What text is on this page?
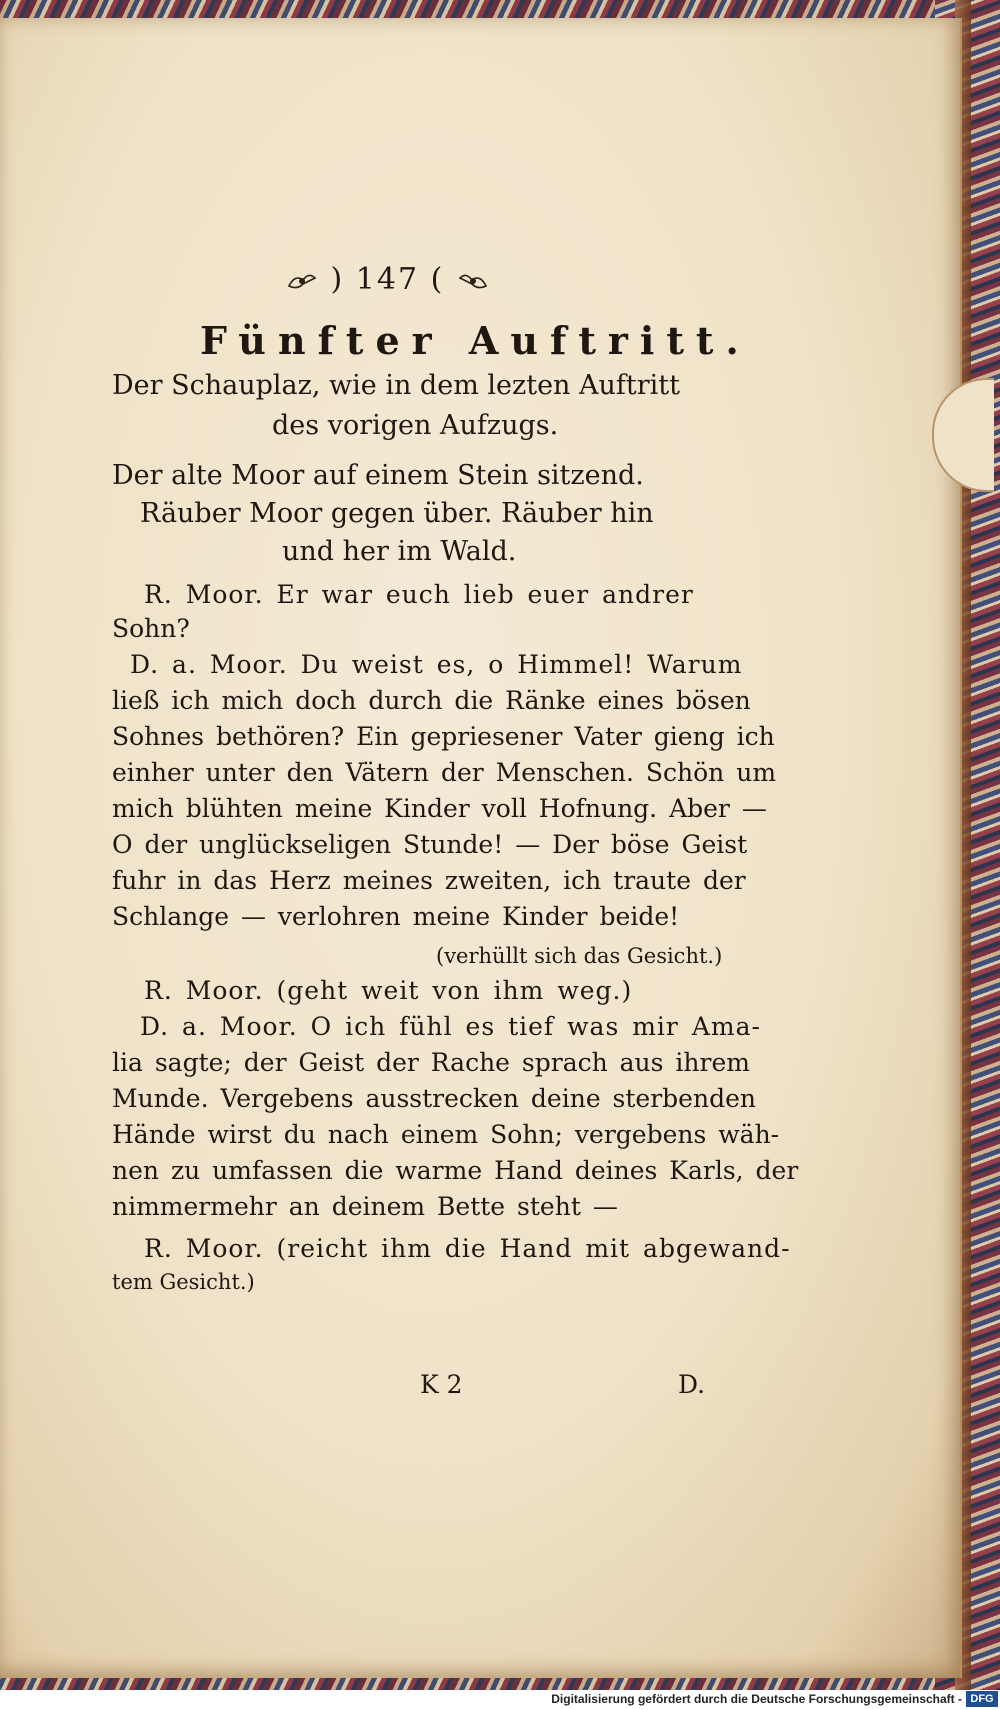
) 147 (
Fünfter Auftritt.
Der Schauplaz, wie in dem lezten Auftritt
des vorigen Aufzugs.
Der alte Moor auf einem Stein sitzend.
Räuber Moor gegen über. Räuber hin
und her im Wald.
R. Moor. Er war euch lieb euer andrer
Sohn?
D. a. Moor. Du weist es, o Himmel! Warum
ließ ich mich doch durch die Ränke eines bösen
Sohnes bethören? Ein gepriesener Vater gieng ich
einher unter den Vätern der Menschen. Schön um
mich blühten meine Kinder voll Hofnung. Aber —
O der unglückseligen Stunde! — Der böse Geist
fuhr in das Herz meines zweiten, ich traute der
Schlange — verlohren meine Kinder beide!
(verhüllt sich das Gesicht.)
R. Moor. (geht weit von ihm weg.)
D. a. Moor. O ich fühl es tief was mir Ama-
lia sagte; der Geist der Rache sprach aus ihrem
Munde. Vergebens ausstrecken deine sterbenden
Hände wirst du nach einem Sohn; vergebens wäh-
nen zu umfassen die warme Hand deines Karls, der
nimmermehr an deinem Bette steht —
R. Moor. (reicht ihm die Hand mit abgewand-
tem Gesicht.)
K 2	D.
Digitalisierung gefördert durch die Deutsche Forschungsgemeinschaft - DFG
